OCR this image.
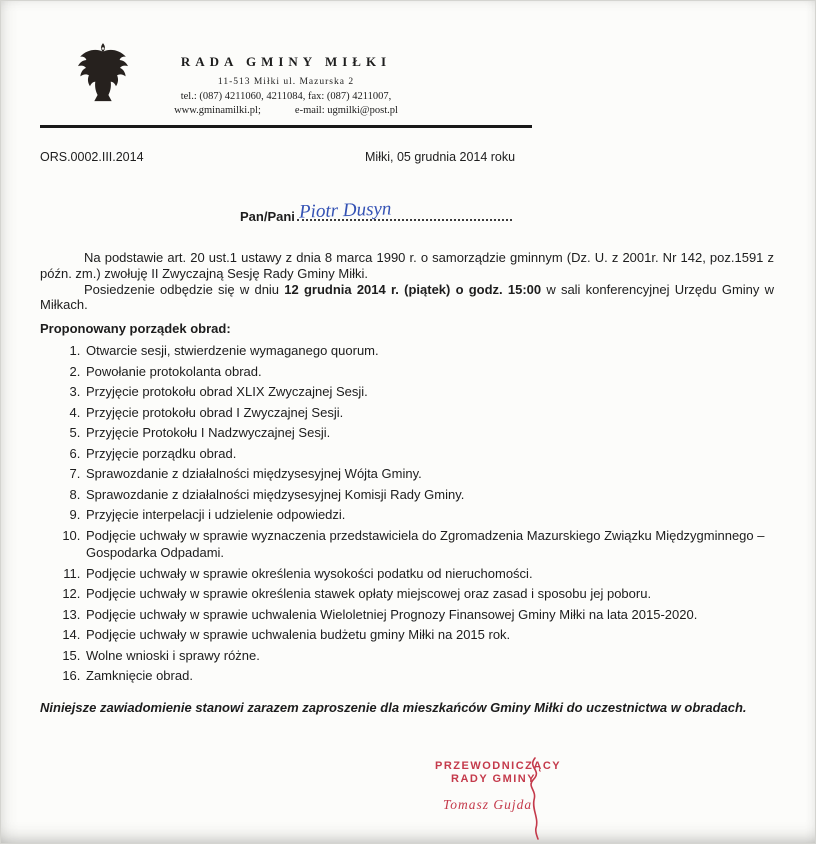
RADA GMINY MIŁKI
11-513 Miłki ul. Mazurska 2
tel.: (087) 4211060, 4211084, fax: (087) 4211007,
www.gminamilki.pl;	e-mail: ugmilki@post.pl
ORS.0002.III.2014	Miłki, 05 grudnia 2014 roku
Pan/Pani Piotr Dusyn

Na podstawie art. 20 ust.1 ustawy z dnia 8 marca 1990 r. o samorządzie gminnym (Dz. U. z 2001r. Nr 142, poz.1591 z późn. zm.) zwołuję II Zwyczajną Sesję Rady Gminy Miłki.

Posiedzenie odbędzie się w dniu 12 grudnia 2014 r. (piątek) o godz. 15:00 w sali konferencyjnej Urzędu Gminy w Miłkach.

Proponowany porządek obrad:
1. Otwarcie sesji, stwierdzenie wymaganego quorum.
2. Powołanie protokolanta obrad.
3. Przyjęcie protokołu obrad XLIX Zwyczajnej Sesji.
4. Przyjęcie protokołu obrad I Zwyczajnej Sesji.
5. Przyjęcie Protokołu I Nadzwyczajnej Sesji.
6. Przyjęcie porządku obrad.
7. Sprawozdanie z działalności międzysesyjnej Wójta Gminy.
8. Sprawozdanie z działalności międzysesyjnej Komisji Rady Gminy.
9. Przyjęcie interpelacji i udzielenie odpowiedzi.
10. Podjęcie uchwały w sprawie wyznaczenia przedstawiciela do Zgromadzenia Mazurskiego Związku Międzygminnego – Gospodarka Odpadami.
11. Podjęcie uchwały w sprawie określenia wysokości podatku od nieruchomości.
12. Podjęcie uchwały w sprawie określenia stawek opłaty miejscowej oraz zasad i sposobu jej poboru.
13. Podjęcie uchwały w sprawie uchwalenia Wieloletniej Prognozy Finansowej Gminy Miłki na lata 2015-2020.
14. Podjęcie uchwały w sprawie uchwalenia budżetu gminy Miłki na 2015 rok.
15. Wolne wnioski i sprawy różne.
16. Zamknięcie obrad.
Niniejsze zawiadomienie stanowi zarazem zaproszenie dla mieszkańców Gminy Miłki do uczestnictwa w obradach.
PRZEWODNICZĄCY
RADY GMINY
Tomasz Gujda
